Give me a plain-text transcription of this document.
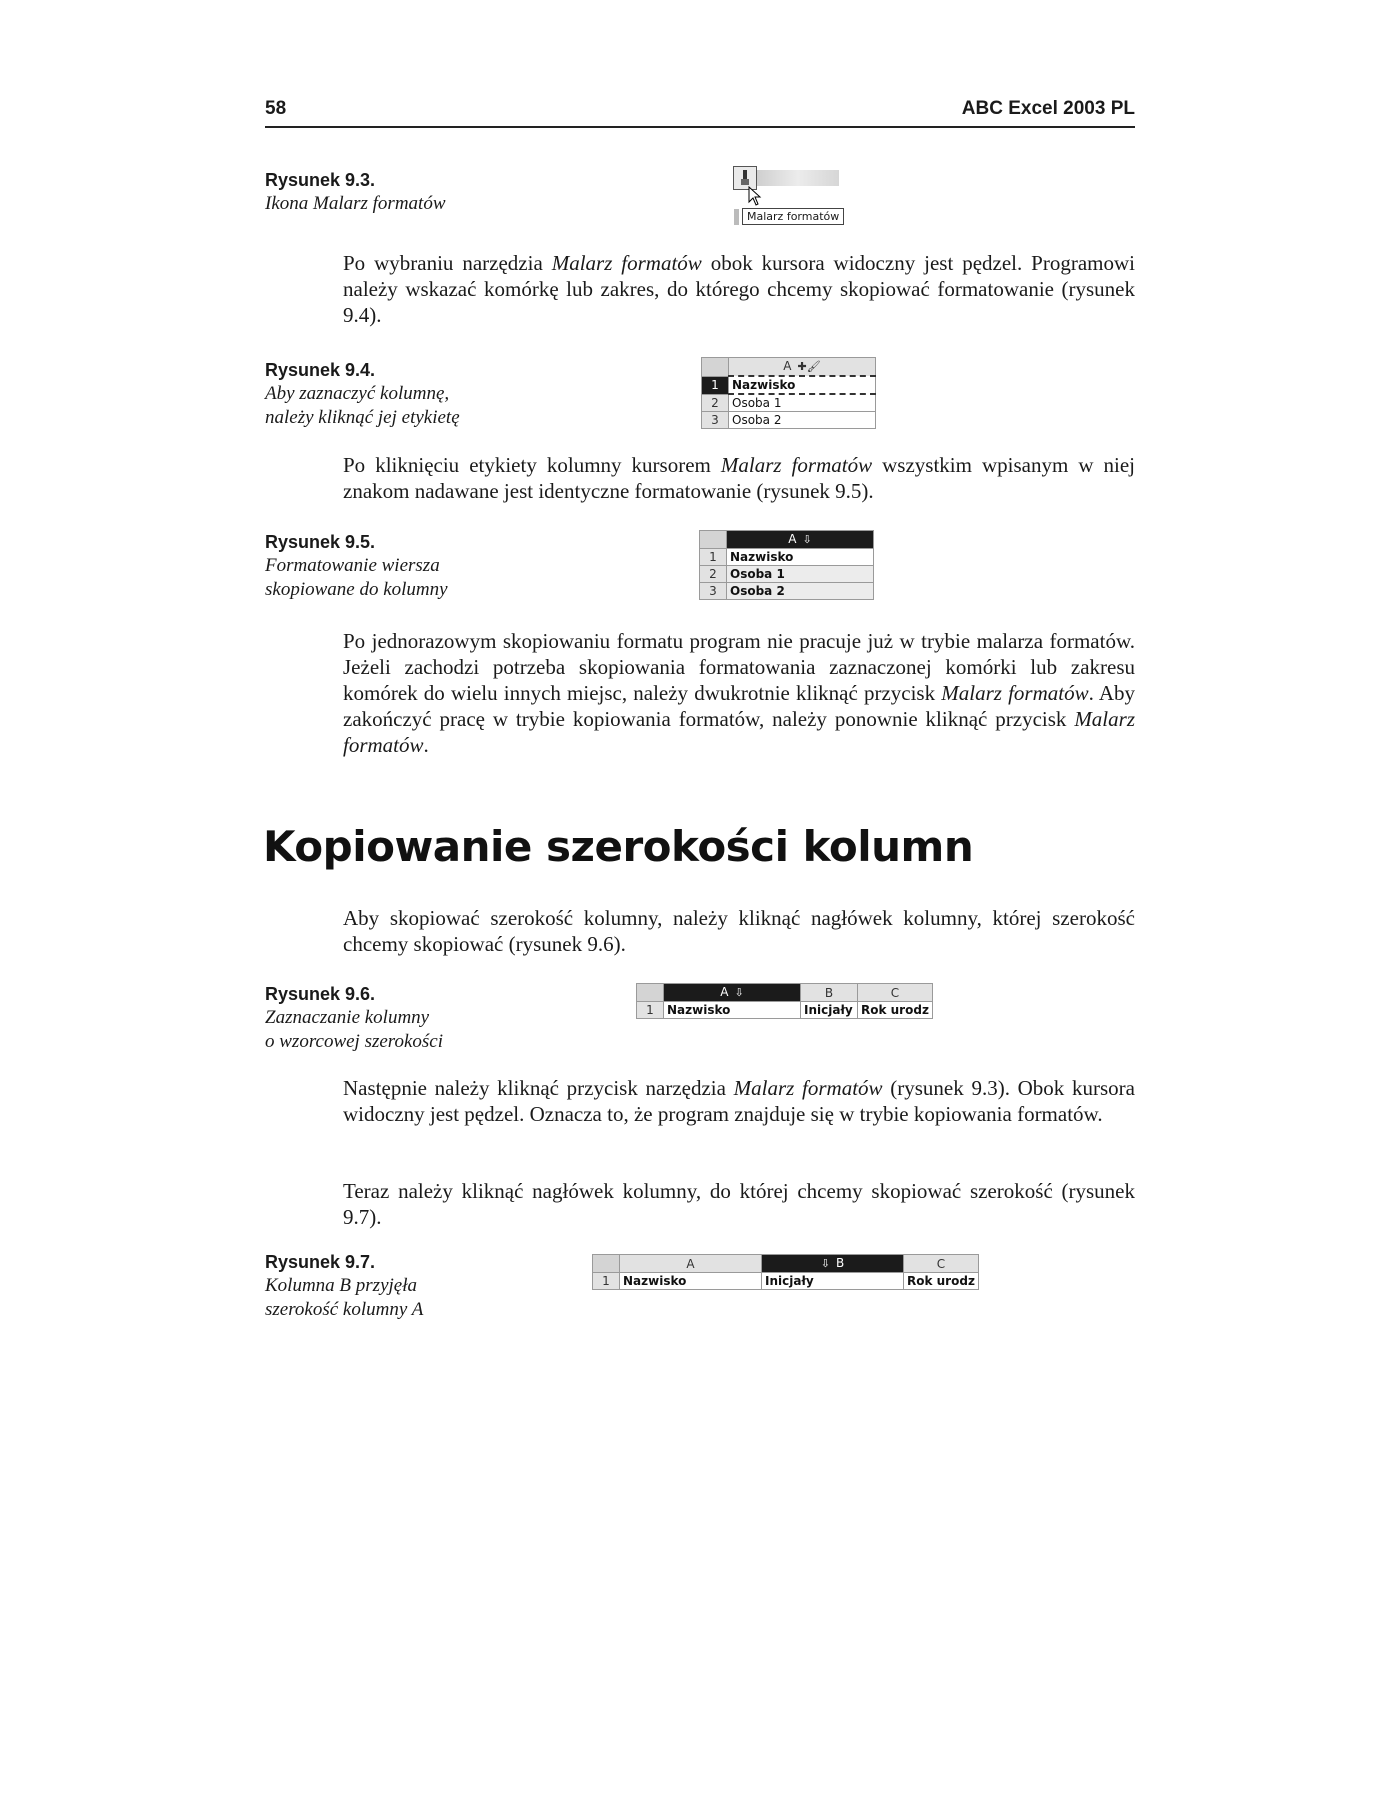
58	ABC Excel 2003 PL
Rysunek 9.3.
Ikona Malarz formatów
Malarz formatów

Po wybraniu narzędzia Malarz formatów obok kursora widoczny jest pędzel. Programowi należy wskazać komórkę lub zakres, do którego chcemy skopiować formatowanie (rysunek 9.4).

Rysunek 9.4.
Aby zaznaczyć kolumnę,
należy kliknąć jej etykietę
	A ✚🖌
1	Nazwisko
2	Osoba 1
3	Osoba 2

Po kliknięciu etykiety kolumny kursorem Malarz formatów wszystkim wpisanym w niej znakom nadawane jest identyczne formatowanie (rysunek 9.5).

Rysunek 9.5.
Formatowanie wiersza
skopiowane do kolumny
	A ⇩
1	Nazwisko
2	Osoba 1
3	Osoba 2

Po jednorazowym skopiowaniu formatu program nie pracuje już w trybie malarza formatów. Jeżeli zachodzi potrzeba skopiowania formatowania zaznaczonej komórki lub zakresu komórek do wielu innych miejsc, należy dwukrotnie kliknąć przycisk Malarz formatów. Aby zakończyć pracę w trybie kopiowania formatów, należy ponownie kliknąć przycisk Malarz formatów.

Kopiowanie szerokości kolumn

Aby skopiować szerokość kolumny, należy kliknąć nagłówek kolumny, której szerokość chcemy skopiować (rysunek 9.6).

Rysunek 9.6.
Zaznaczanie kolumny
o wzorcowej szerokości
	A ⇩	B	C
1	Nazwisko	Inicjały	Rok urodz

Następnie należy kliknąć przycisk narzędzia Malarz formatów (rysunek 9.3). Obok kursora widoczny jest pędzel. Oznacza to, że program znajduje się w trybie kopiowania formatów.

Teraz należy kliknąć nagłówek kolumny, do której chcemy skopiować szerokość (rysunek 9.7).

Rysunek 9.7.
Kolumna B przyjęła
szerokość kolumny A
	A	⇩ B	C
1	Nazwisko	Inicjały	Rok urodz
